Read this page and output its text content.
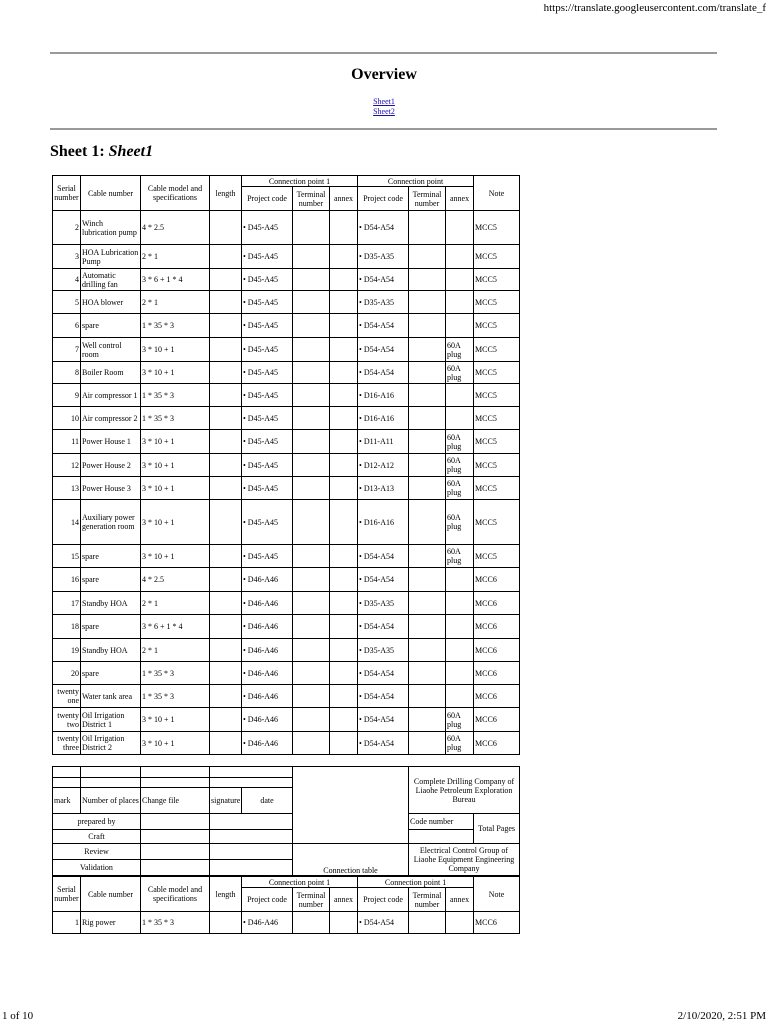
https://translate.googleusercontent.com/translate_f
Overview
Sheet1
Sheet2
Sheet 1: Sheet1
Serial number	Cable number	Cable model and specifications	length	Connection point 1			Connection point			Note
				Project code	Terminal number	annex	Project code	Terminal number	annex	
2	Winch lubrication pump	4 * 2.5		• D45-A45			• D54-A54			MCC5
3	HOA Lubrication Pump	2 * 1		• D45-A45			• D35-A35			MCC5
4	Automatic drilling fan	3 * 6 + 1 * 4		• D45-A45			• D54-A54			MCC5
5	HOA blower	2 * 1		• D45-A45			• D35-A35			MCC5
6	spare	1 * 35 * 3		• D45-A45			• D54-A54			MCC5
7	Well control room	3 * 10 + 1		• D45-A45			• D54-A54		60A plug	MCC5
8	Boiler Room	3 * 10 + 1		• D45-A45			• D54-A54		60A plug	MCC5
9	Air compressor 1	1 * 35 * 3		• D45-A45			• D16-A16			MCC5
10	Air compressor 2	1 * 35 * 3		• D45-A45			• D16-A16			MCC5
11	Power House 1	3 * 10 + 1		• D45-A45			• D11-A11		60A plug	MCC5
12	Power House 2	3 * 10 + 1		• D45-A45			• D12-A12		60A plug	MCC5
13	Power House 3	3 * 10 + 1		• D45-A45			• D13-A13		60A plug	MCC5
14	Auxiliary power generation room	3 * 10 + 1		• D45-A45			• D16-A16		60A plug	MCC5
15	spare	3 * 10 + 1		• D45-A45			• D54-A54		60A plug	MCC5
16	spare	4 * 2.5		• D46-A46			• D54-A54			MCC6
17	Standby HOA	2 * 1		• D46-A46			• D35-A35			MCC6
18	spare	3 * 6 + 1 * 4		• D46-A46			• D54-A54			MCC6
19	Standby HOA	2 * 1		• D46-A46			• D35-A35			MCC6
20	spare	1 * 35 * 3		• D46-A46			• D54-A54			MCC6
twenty one	Water tank area	1 * 35 * 3		• D46-A46			• D54-A54			MCC6
twenty two	Oil Irrigation District 1	3 * 10 + 1		• D46-A46			• D54-A54		60A plug	MCC6
twenty three	Oil Irrigation District 2	3 * 10 + 1		• D46-A46			• D54-A54		60A plug	MCC6
						Complete Drilling Company of Liaohe Petroleum Exploration Bureau	

mark	Number of places	Change file	signature	date			
prepared by						Code number	Total Pages
Craft							
Review					Connection table	Electrical Control Group of Liaohe Equipment Engineering Company	
Validation							
Serial number	Cable number	Cable model and specifications	length	Connection point 1			Connection point 1			Note
				Project code	Terminal number	annex	Project code	Terminal number	annex	
1	Rig power	1 * 35 * 3		• D46-A46			• D54-A54			MCC6
1 of 10	2/10/2020, 2:51 PM
